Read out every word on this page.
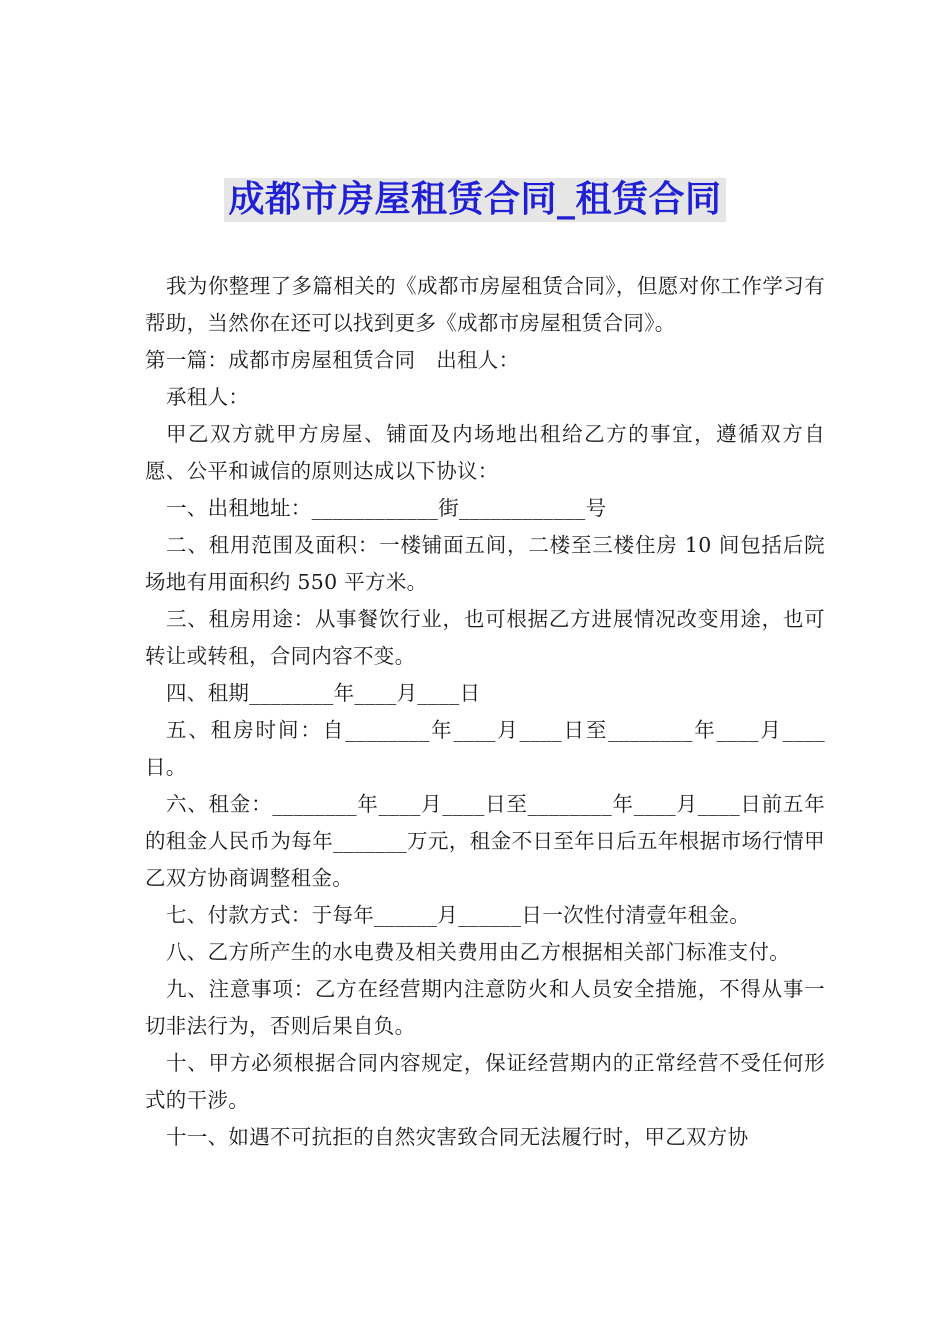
成都市房屋租赁合同_租赁合同

我为你整理了多篇相关的《成都市房屋租赁合同》，但愿对你工作学习有帮助，当然你在还可以找到更多《成都市房屋租赁合同》。

第一篇：成都市房屋租赁合同　出租人：

承租人：

甲乙双方就甲方房屋、铺面及内场地出租给乙方的事宜，遵循双方自愿、公平和诚信的原则达成以下协议：

一、出租地址：____________街____________号

二、租用范围及面积：一楼铺面五间，二楼至三楼住房 10 间包括后院场地有用面积约 550 平方米。

三、租房用途：从事餐饮行业，也可根据乙方进展情况改变用途，也可转让或转租，合同内容不变。

四、租期________年____月____日

五、租房时间：自________年____月____日至________年____月____日。

六、租金：________年____月____日至________年____月____日前五年的租金人民币为每年_______万元，租金不日至年日后五年根据市场行情甲乙双方协商调整租金。

七、付款方式：于每年______月______日一次性付清壹年租金。

八、乙方所产生的水电费及相关费用由乙方根据相关部门标准支付。

九、注意事项：乙方在经营期内注意防火和人员安全措施，不得从事一切非法行为，否则后果自负。

十、甲方必须根据合同内容规定，保证经营期内的正常经营不受任何形式的干涉。

十一、如遇不可抗拒的自然灾害致合同无法履行时，甲乙双方协
